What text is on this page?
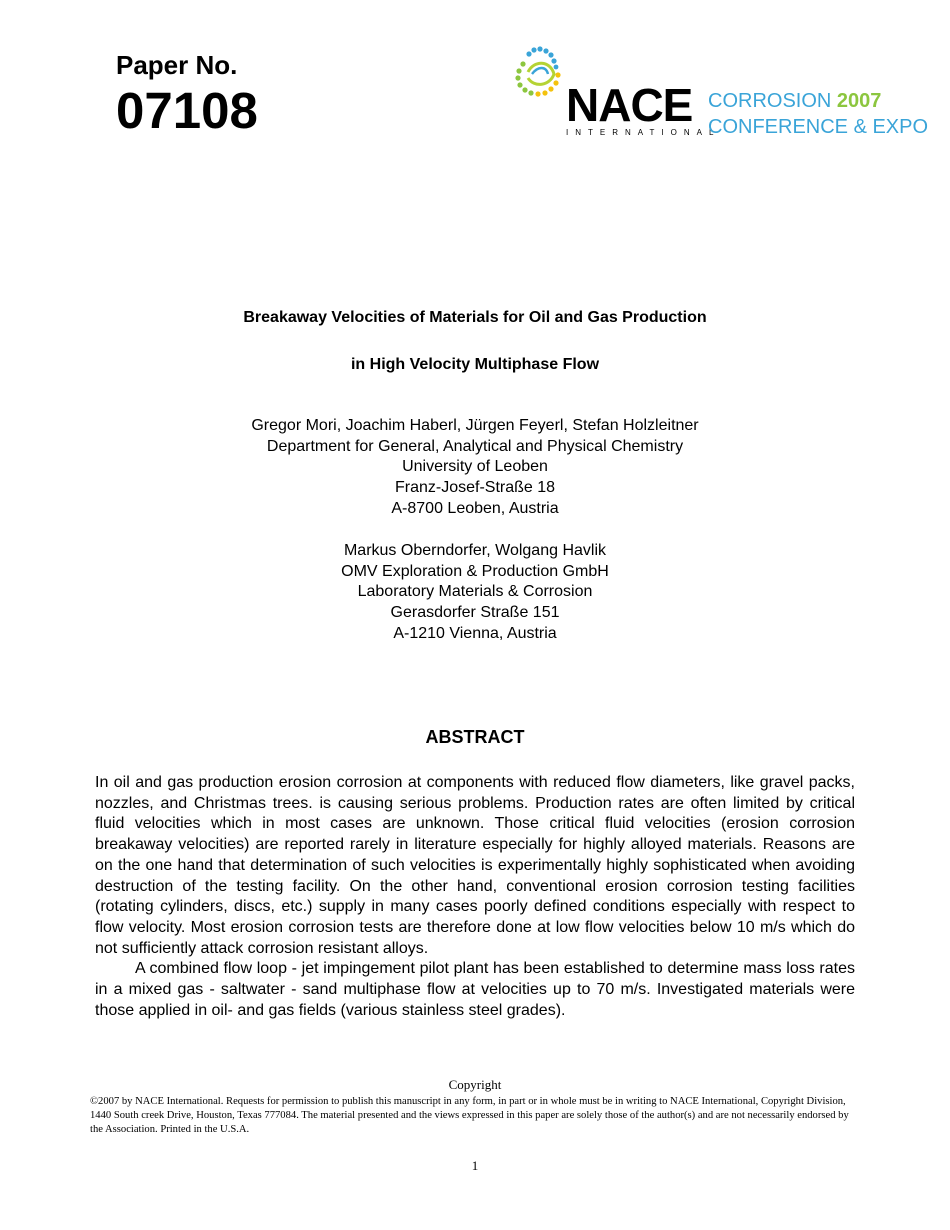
Paper No.
07108	NACE
INTERNATIONAL
CORROSION 2007
CONFERENCE & EXPO
Breakaway Velocities of Materials for Oil and Gas Production
in High Velocity Multiphase Flow
Gregor Mori, Joachim Haberl, Jürgen Feyerl, Stefan Holzleitner
Department for General, Analytical and Physical Chemistry
University of Leoben
Franz-Josef-Straße 18
A-8700 Leoben, Austria
Markus Oberndorfer, Wolgang Havlik
OMV Exploration & Production GmbH
Laboratory Materials & Corrosion
Gerasdorfer Straße 151
A-1210 Vienna, Austria
ABSTRACT

In oil and gas production erosion corrosion at components with reduced flow diameters, like gravel packs, nozzles, and Christmas trees. is causing serious problems. Production rates are often limited by critical fluid velocities which in most cases are unknown. Those critical fluid velocities (erosion corrosion breakaway velocities) are reported rarely in literature especially for highly alloyed materials. Reasons are on the one hand that determination of such velocities is experimentally highly sophisticated when avoiding destruction of the testing facility. On the other hand, conventional erosion corrosion testing facilities (rotating cylinders, discs, etc.) supply in many cases poorly defined conditions especially with respect to flow velocity. Most erosion corrosion tests are therefore done at low flow velocities below 10 m/s which do not sufficiently attack corrosion resistant alloys.

A combined flow loop - jet impingement pilot plant has been established to determine mass loss rates in a mixed gas - saltwater - sand multiphase flow at velocities up to 70 m/s. Investigated materials were those applied in oil- and gas fields (various stainless steel grades).

Copyright
©2007 by NACE International. Requests for permission to publish this manuscript in any form, in part or in whole must be in writing to NACE International, Copyright Division, 1440 South creek Drive, Houston, Texas 777084. The material presented and the views expressed in this paper are solely those of the author(s) and are not necessarily endorsed by the Association. Printed in the U.S.A.
1
